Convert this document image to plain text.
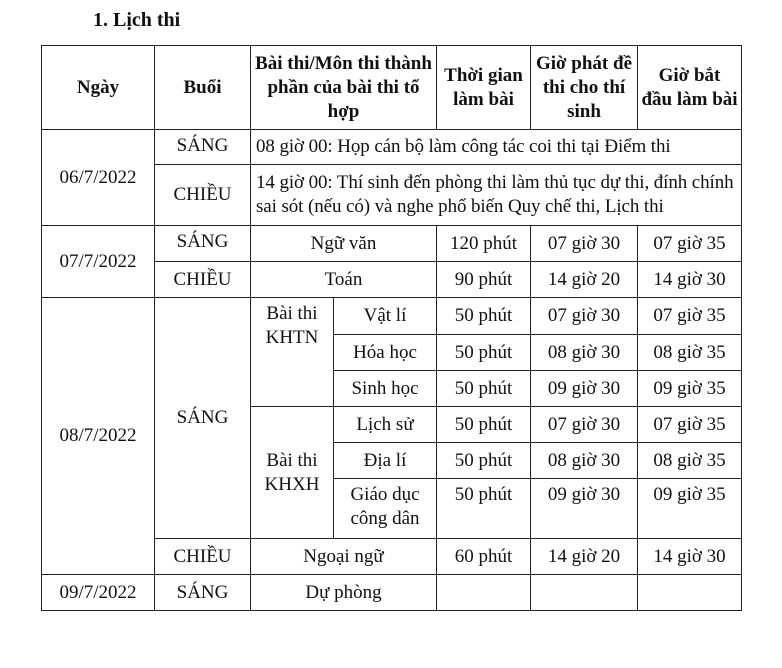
1. Lịch thi
Ngày	Buổi	Bài thi/Môn thi thành phần của bài thi tổ hợp		Thời gian làm bài	Giờ phát đề thi cho thí sinh	Giờ bắt đầu làm bài
06/7/2022	SÁNG	08 giờ 00: Họp cán bộ làm công tác coi thi tại Điểm thi				
	CHIỀU	14 giờ 00: Thí sinh đến phòng thi làm thủ tục dự thi, đính chính sai sót (nếu có) và nghe phổ biến Quy chế thi, Lịch thi				
07/7/2022	SÁNG	Ngữ văn		120 phút	07 giờ 30	07 giờ 35
	CHIỀU	Toán		90 phút	14 giờ 20	14 giờ 30
08/7/2022	SÁNG	Bài thi KHTN	Vật lí	50 phút	07 giờ 30	07 giờ 35
			Hóa học	50 phút	08 giờ 30	08 giờ 35
			Sinh học	50 phút	09 giờ 30	09 giờ 35
		Bài thi KHXH	Lịch sử	50 phút	07 giờ 30	07 giờ 35
			Địa lí	50 phút	08 giờ 30	08 giờ 35
			Giáo dục công dân	50 phút	09 giờ 30	09 giờ 35
	CHIỀU	Ngoại ngữ		60 phút	14 giờ 20	14 giờ 30
09/7/2022	SÁNG	Dự phòng				
